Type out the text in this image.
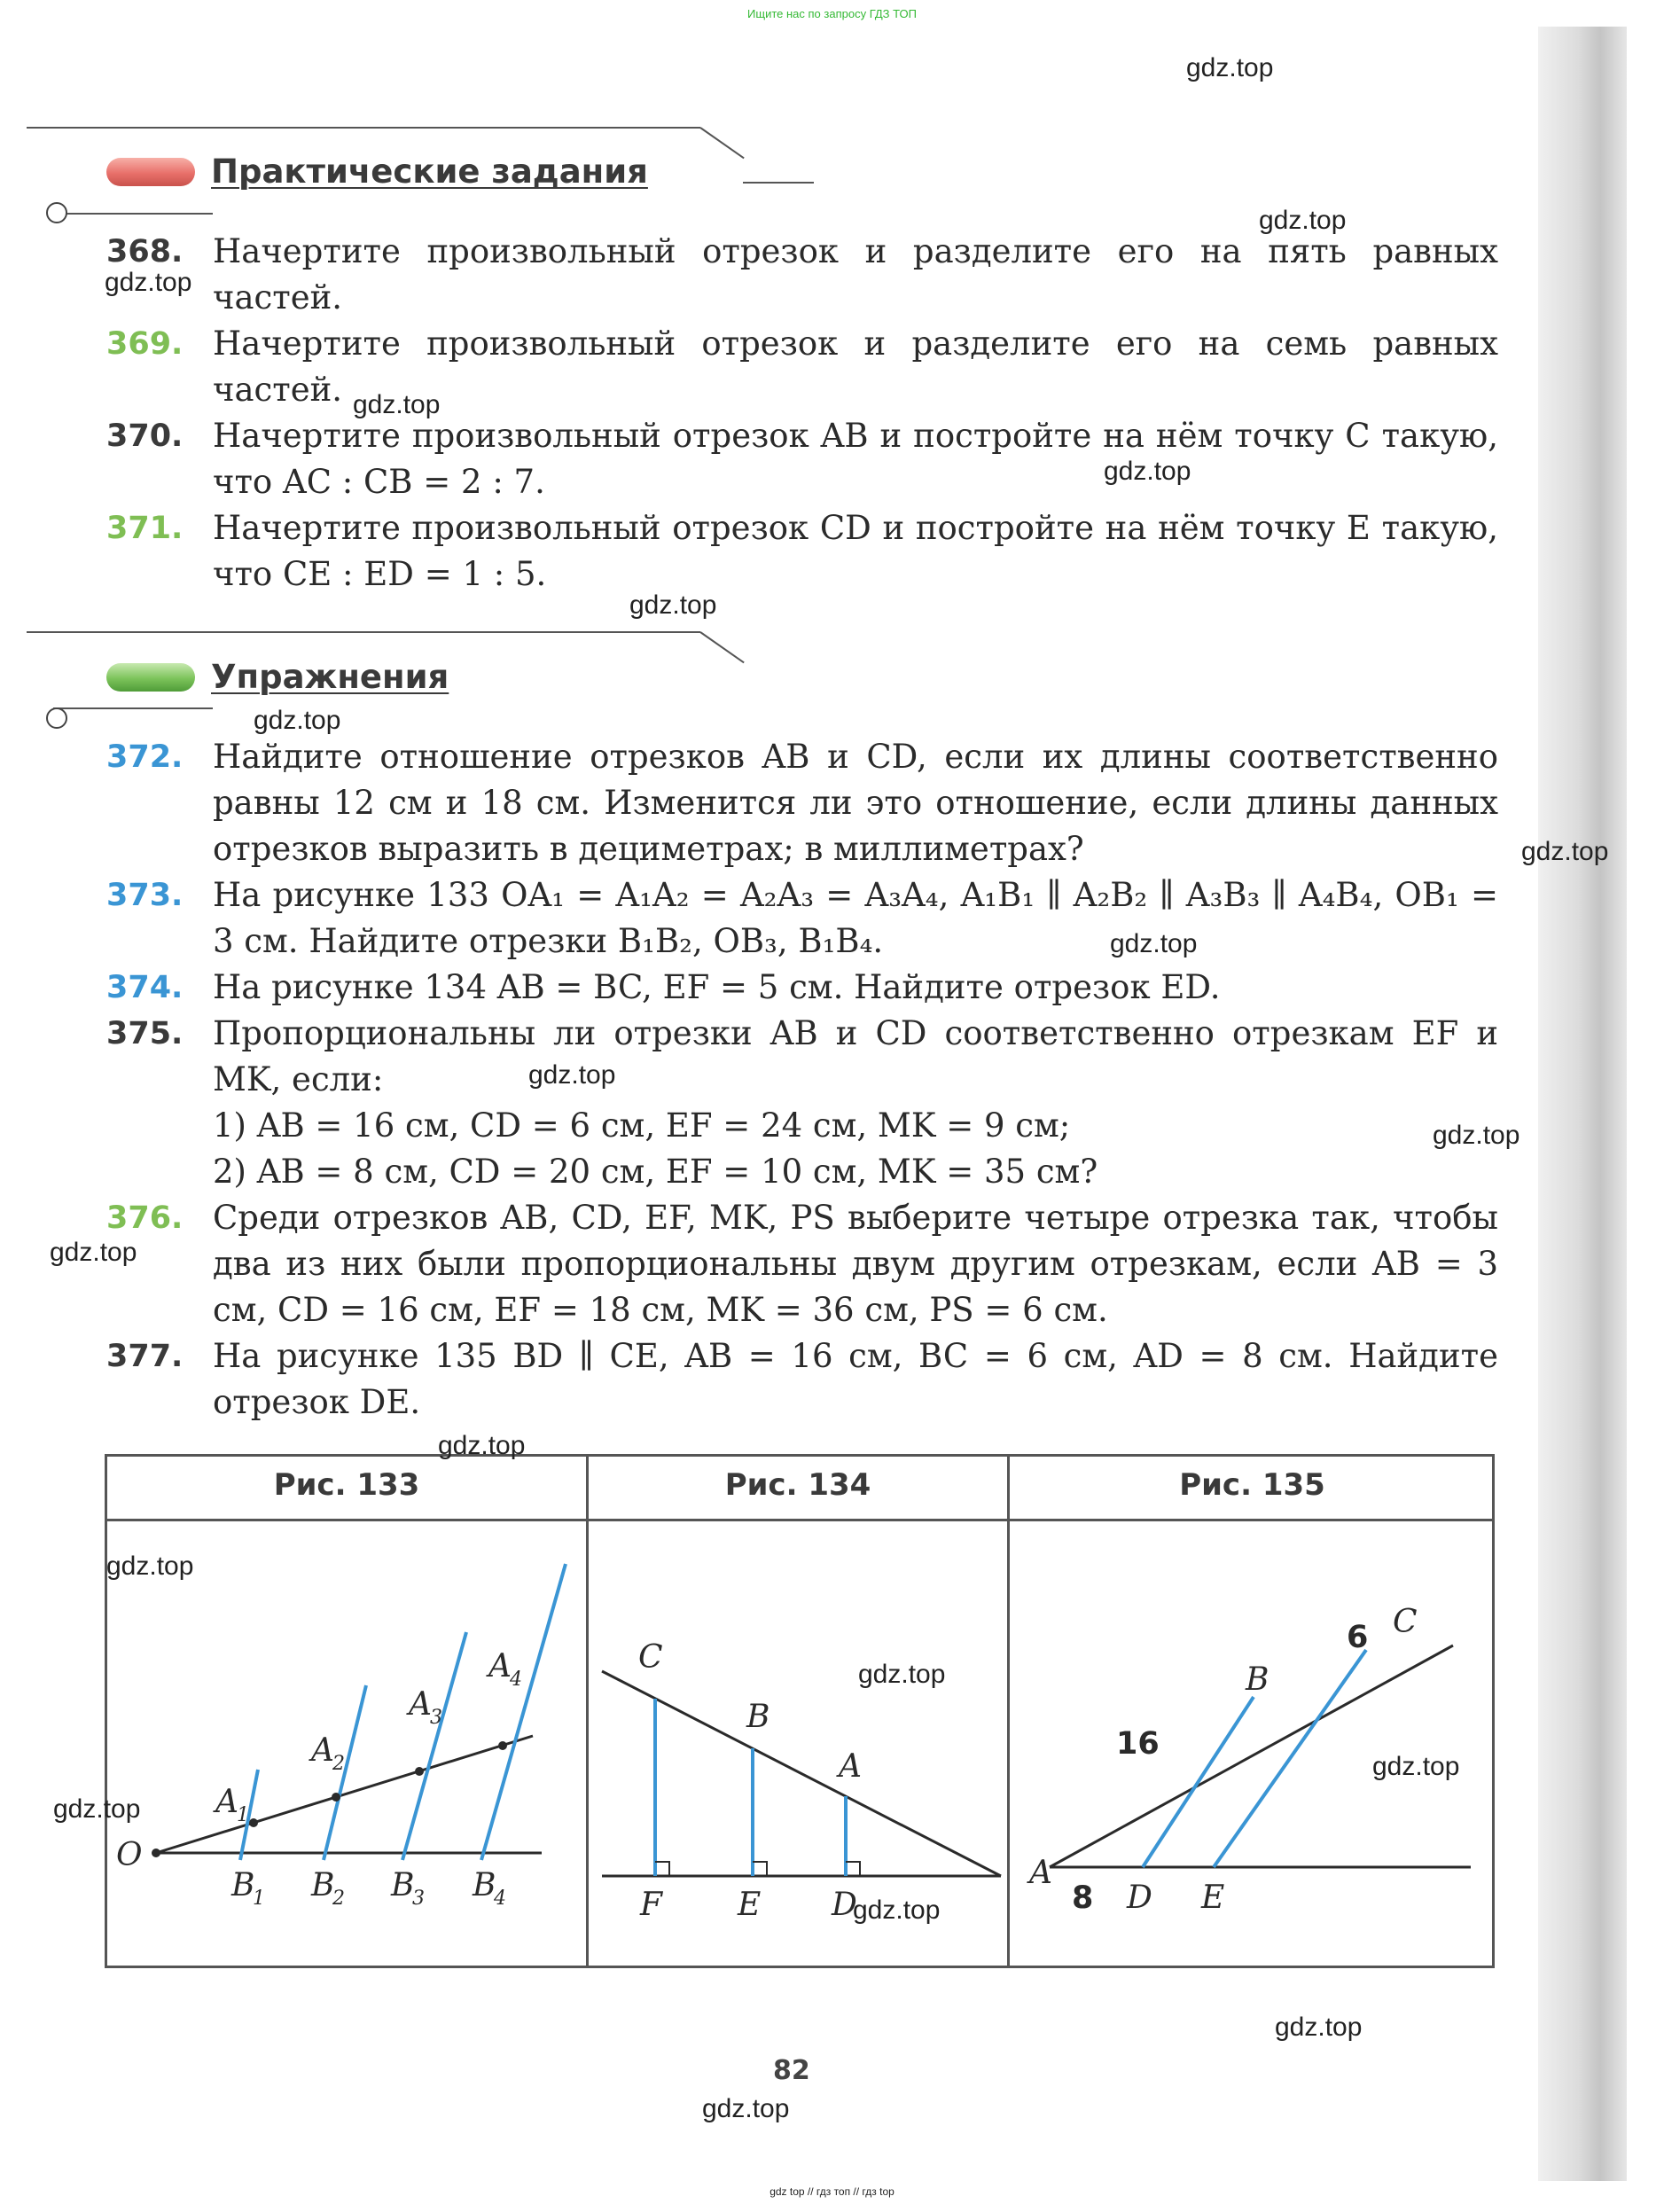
Ищите нас по запросу ГДЗ ТОП
Практические задания
368. Начертите произвольный отрезок и разделите его на пять равных частей.
369. Начертите произвольный отрезок и разделите его на семь равных частей.
370. Начертите произвольный отрезок AB и постройте на нём точку C такую, что AC : CB = 2 : 7.
371. Начертите произвольный отрезок CD и постройте на нём точку E такую, что CE : ED = 1 : 5.
Упражнения
372. Найдите отношение отрезков AB и CD, если их длины соответственно равны 12 см и 18 см. Изменится ли это отношение, если длины данных отрезков выразить в дециметрах; в миллиметрах?
373. На рисунке 133 OA₁ = A₁A₂ = A₂A₃ = A₃A₄, A₁B₁ ∥ A₂B₂ ∥ A₃B₃ ∥ A₄B₄, OB₁ = 3 см. Найдите отрезки B₁B₂, OB₃, B₁B₄.
374. На рисунке 134 AB = BC, EF = 5 см. Найдите отрезок ED.
375. Пропорциональны ли отрезки AB и CD соответственно отрезкам EF и MK, если:
1) AB = 16 см, CD = 6 см, EF = 24 см, MK = 9 см;
2) AB = 8 см, CD = 20 см, EF = 10 см, MK = 35 см?
376. Среди отрезков AB, CD, EF, MK, PS выберите четыре отрезка так, чтобы два из них были пропорциональны двум другим отрезкам, если AB = 3 см, CD = 16 см, EF = 18 см, MK = 36 см, PS = 6 см.
377. На рисунке 135 BD ∥ CE, AB = 16 см, BC = 6 см, AD = 8 см. Найдите отрезок DE.
Рис. 133	Рис. 134	Рис. 135
O
A
1
A
2
A
3
A
4
B
1 B
2 B
3 B
4
C
B
A
F E D
A
B
C
D E
16
6
8
gdz.top
gdz.top
gdz.top
gdz.top
gdz.top
gdz.top
gdz.top
gdz.top
gdz.top
gdz.top
gdz.top
gdz.top
gdz.top
gdz.top
gdz.top
gdz.top
gdz.top
gdz.top
gdz.top
gdz.top
82
gdz top // гдз топ // гдз top
